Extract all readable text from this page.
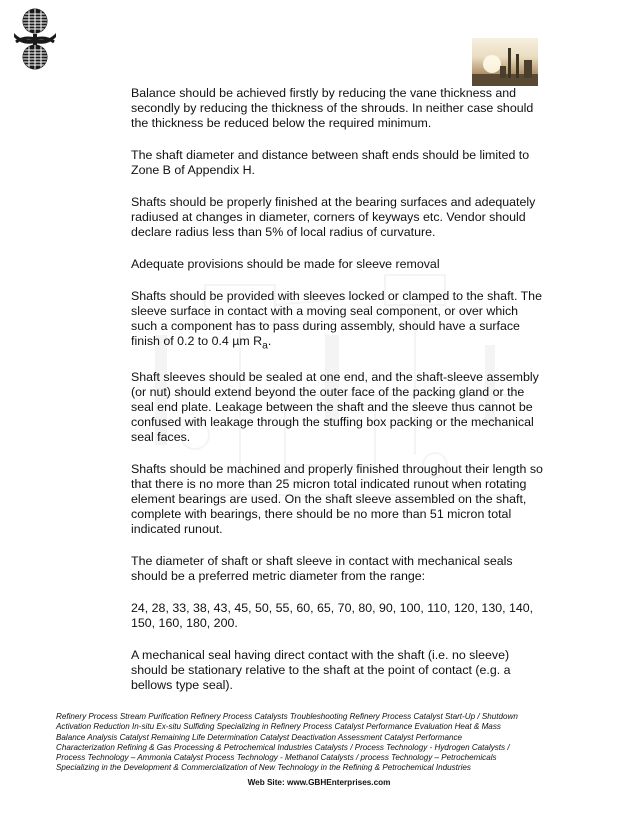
Balance should be achieved firstly by reducing the vane thickness and secondly by reducing the thickness of the shrouds. In neither case should the thickness be reduced below the required minimum.

The shaft diameter and distance between shaft ends should be limited to Zone B of Appendix H.

Shafts should be properly finished at the bearing surfaces and adequately radiused at changes in diameter, corners of keyways etc. Vendor should declare radius less than 5% of local radius of curvature.

Adequate provisions should be made for sleeve removal

Shafts should be provided with sleeves locked or clamped to the shaft. The sleeve surface in contact with a moving seal component, or over which such a component has to pass during assembly, should have a surface finish of 0.2 to 0.4 µm $R_a$.

Shaft sleeves should be sealed at one end, and the shaft-sleeve assembly (or nut) should extend beyond the outer face of the packing gland or the seal end plate. Leakage between the shaft and the sleeve thus cannot be confused with leakage through the stuffing box packing or the mechanical seal faces.

Shafts should be machined and properly finished throughout their length so that there is no more than 25 micron total indicated runout when rotating element bearings are used. On the shaft sleeve assembled on the shaft, complete with bearings, there should be no more than 51 micron total indicated runout.

The diameter of shaft or shaft sleeve in contact with mechanical seals should be a preferred metric diameter from the range:

24, 28, 33, 38, 43, 45, 50, 55, 60, 65, 70, 80, 90, 100, 110, 120, 130, 140, 150, 160, 180, 200.

A mechanical seal having direct contact with the shaft (i.e. no sleeve) should be stationary relative to the shaft at the point of contact (e.g. a bellows type seal).

Refinery Process Stream Purification Refinery Process Catalysts Troubleshooting Refinery Process Catalyst Start-Up / Shutdown
Activation Reduction In-situ Ex-situ Sulfiding Specializing in Refinery Process Catalyst Performance Evaluation Heat & Mass
Balance Analysis Catalyst Remaining Life Determination Catalyst Deactivation Assessment Catalyst Performance
Characterization Refining & Gas Processing & Petrochemical Industries Catalysts / Process Technology - Hydrogen Catalysts /
Process Technology – Ammonia Catalyst Process Technology - Methanol Catalysts / process Technology – Petrochemicals
Specializing in the Development & Commercialization of New Technology in the Refining & Petrochemical Industries
Web Site: www.GBHEnterprises.com
